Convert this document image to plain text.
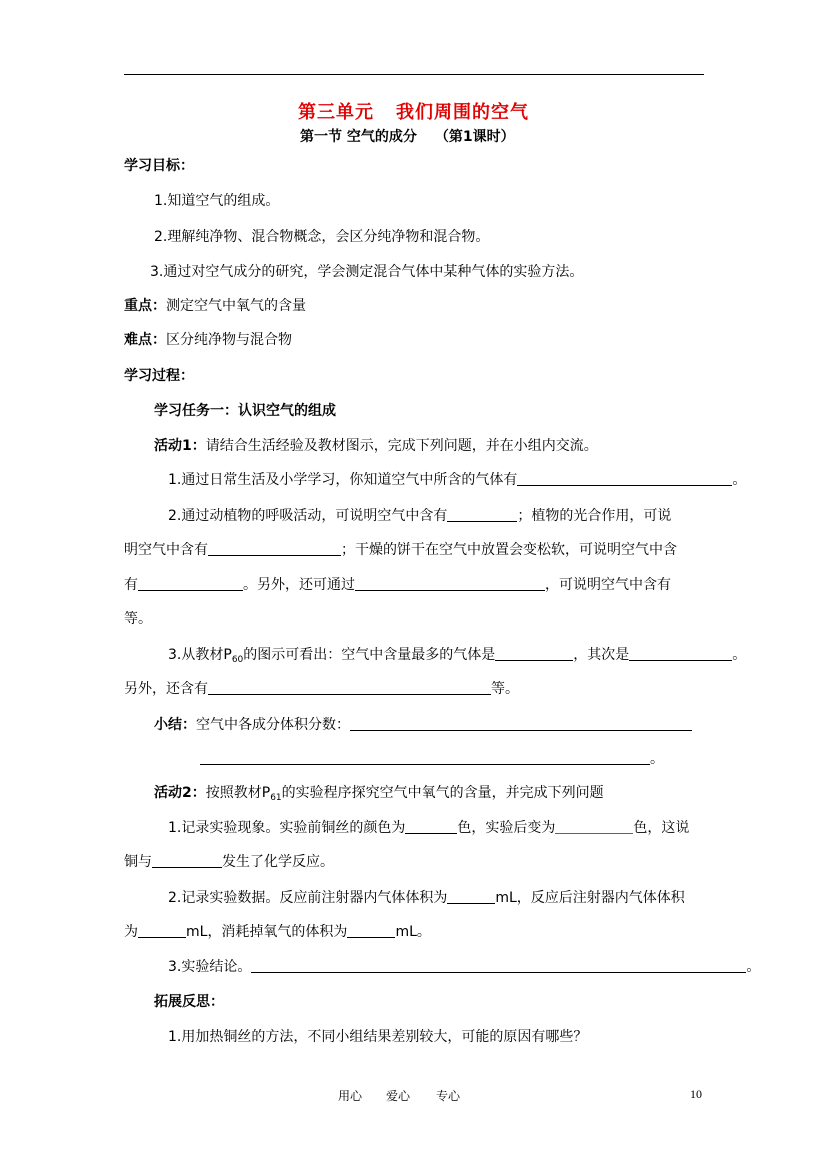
第三单元 我们周围的空气
第一节 空气的成分 （第1课时）
学习目标：
1.知道空气的组成。
2.理解纯净物、混合物概念，会区分纯净物和混合物。
3.通过对空气成分的研究，学会测定混合气体中某种气体的实验方法。
重点：测定空气中氧气的含量
难点：区分纯净物与混合物
学习过程：
学习任务一：认识空气的组成
活动1：请结合生活经验及教材图示，完成下列问题，并在小组内交流。
1.通过日常生活及小学学习，你知道空气中所含的气体有	。
2.通过动植物的呼吸活动，可说明空气中含有	；植物的光合作用，可说
明空气中含有	；干燥的饼干在空气中放置会变松软，可说明空气中含
有	。另外，还可通过	，可说明空气中含有
等。
3.从教材$P_{60}$的图示可看出：空气中含量最多的气体是	，其次是	。
另外，还含有	等。
小结：空气中各成分体积分数：
。
活动2：按照教材$P_{61}$的实验程序探究空气中氧气的含量，并完成下列问题
1.记录实验现象。实验前铜丝的颜色为	色，实验后变为	色，这说
铜与	发生了化学反应。
2.记录实验数据。反应前注射器内气体体积为	mL，反应后注射器内气体体积
为	mL，消耗掉氧气的体积为	mL。
3.实验结论。	。
拓展反思：
1.用加热铜丝的方法，不同小组结果差别较大，可能的原因有哪些？
用心 爱心 专心	10
